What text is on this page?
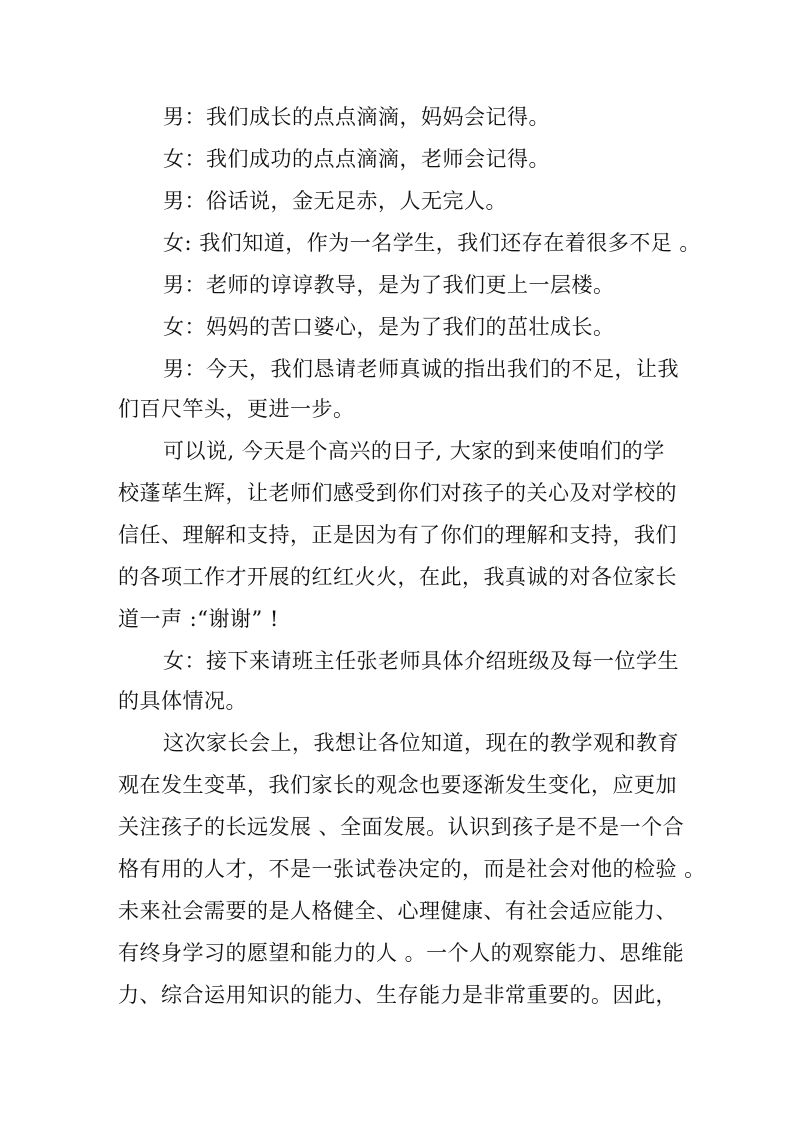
男：我们成长的点点滴滴，妈妈会记得。
女：我们成功的点点滴滴，老师会记得。
男：俗话说，金无足赤，人无完人。
女: 我们知道，作为一名学生，我们还存在着很多不足 。
男：老师的谆谆教导，是为了我们更上一层楼。
女：妈妈的苦口婆心，是为了我们的茁壮成长。
男：今天，我们恳请老师真诚的指出我们的不足，让我
们百尺竿头，更进一步。
可以说, 今天是个高兴的日子, 大家的到来使咱们的学
校蓬荜生辉，让老师们感受到你们对孩子的关心及对学校的
信任、理解和支持，正是因为有了你们的理解和支持，我们
的各项工作才开展的红红火火，在此，我真诚的对各位家长
道一声 :“谢谢” !
女：接下来请班主任张老师具体介绍班级及每一位学生
的具体情况。
这次家长会上，我想让各位知道，现在的教学观和教育
观在发生变革，我们家长的观念也要逐渐发生变化，应更加
关注孩子的长远发展 、全面发展。认识到孩子是不是一个合
格有用的人才，不是一张试卷决定的，而是社会对他的检验 。
未来社会需要的是人格健全、心理健康、有社会适应能力、
有终身学习的愿望和能力的人 。一个人的观察能力、思维能
力、综合运用知识的能力、生存能力是非常重要的。因此，
